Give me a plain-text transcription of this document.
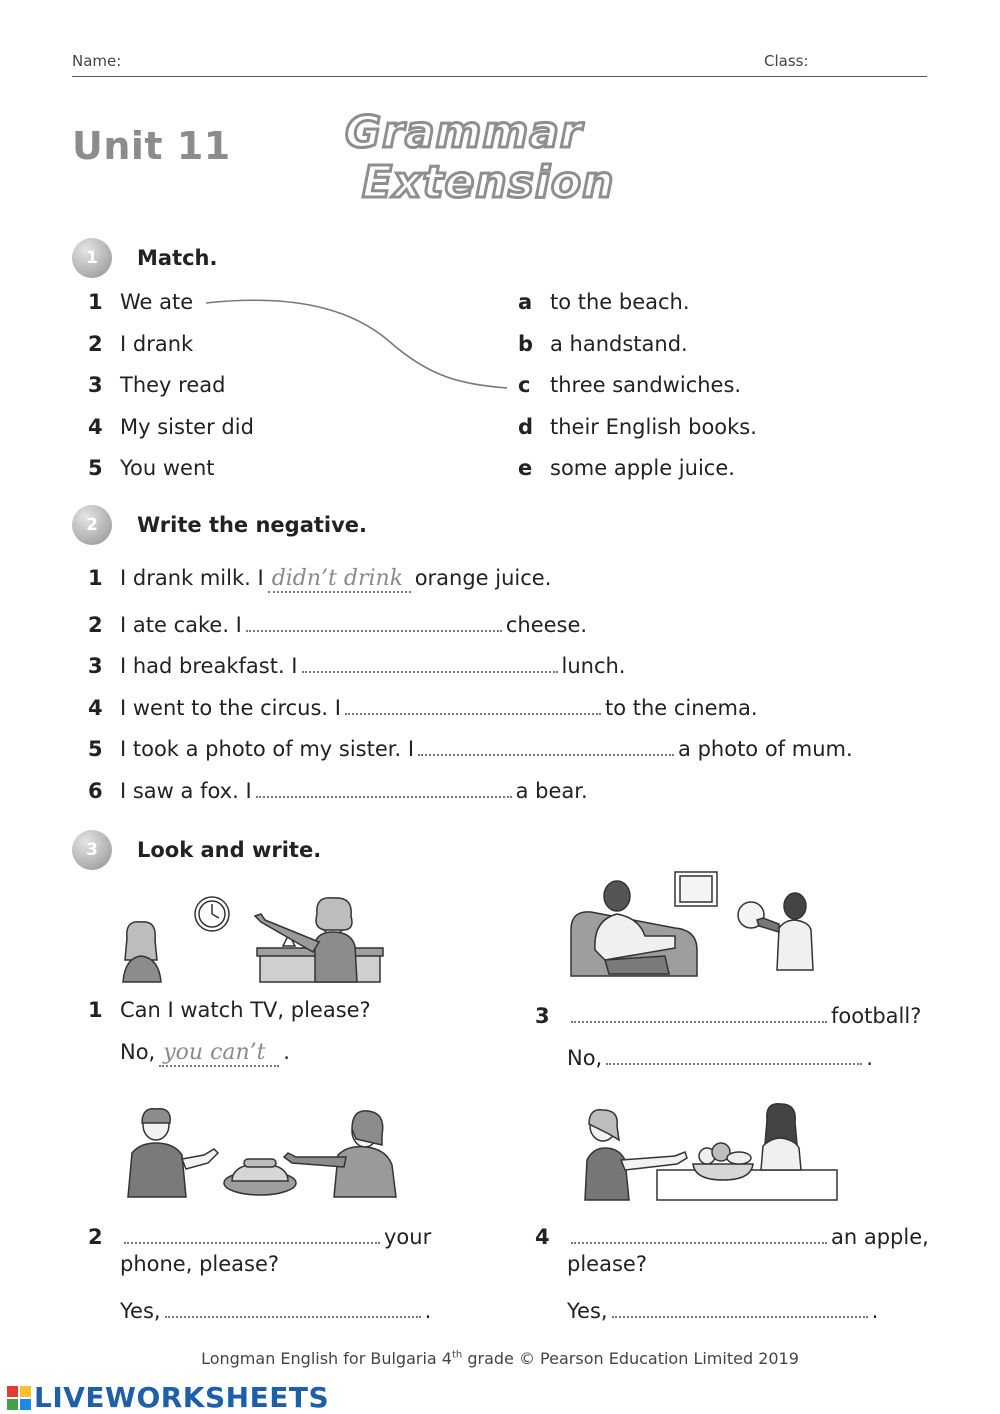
Name:	Class:
Unit 11	Grammar
Extension
1	Match.
1 We ate
2 I drank
3 They read
4 My sister did
5 You went
a to the beach.
b a handstand.
c three sandwiches.
d their English books.
e some apple juice.
2	Write the negative.
1 I drank milk. I didn’t drink orange juice.
2 I ate cake. I	cheese.
3 I had breakfast. I	lunch.
4 I went to the circus. I	to the cinema.
5 I took a photo of my sister. I	a photo of mum.
6 I saw a fox. I	a bear.
3	Look and write.
1 Can I watch TV, please?
No, you can’t .
3	football?
No,	.
2	your
phone, please?
Yes,	.
4	an apple,
please?
Yes,	.
Longman English for Bulgaria 4th grade © Pearson Education Limited 2019
LIVEWORKSHEETS
